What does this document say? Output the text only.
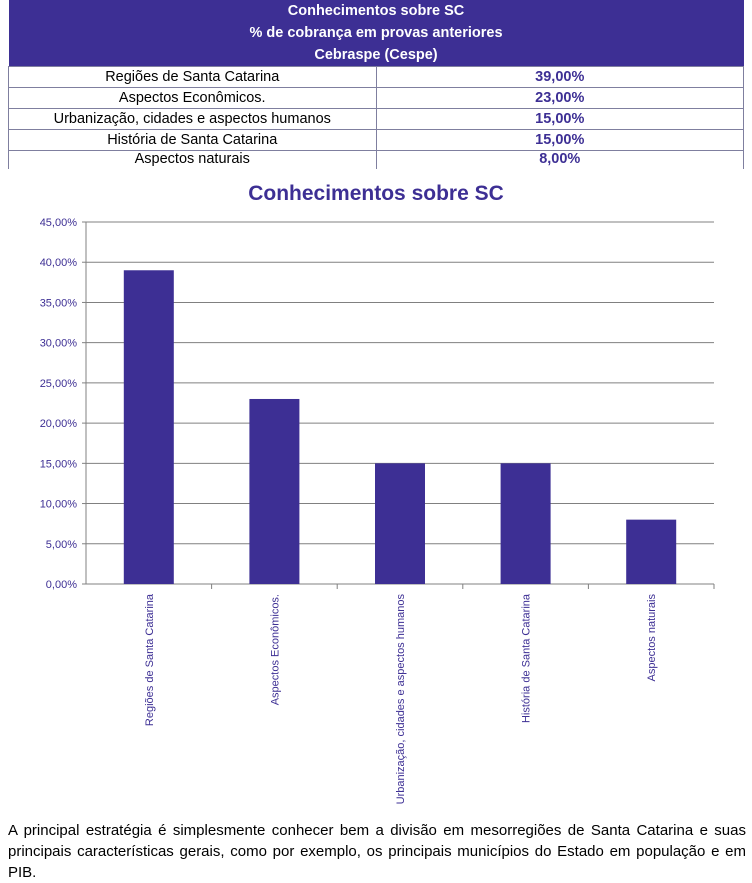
Conhecimentos sobre SC
% de cobrança em provas anteriores
Cebraspe (Cespe)	

Regiões de Santa Catarina	39,00%
Aspectos Econômicos.	23,00%
Urbanização, cidades e aspectos humanos	15,00%
História de Santa Catarina	15,00%
Aspectos naturais	8,00%
Conhecimentos sobre SC
0,00%
5,00%
10,00%
15,00%
20,00%
25,00%
30,00%
35,00%
40,00%
45,00%
Regiões de Santa Catarina	Aspectos Econômicos.	Urbanização, cidades e aspectos humanos	História de Santa Catarina	Aspectos naturais
A principal estratégia é simplesmente conhecer bem a divisão em mesorregiões de Santa Catarina e suas principais características gerais, como por exemplo, os principais municípios do Estado em população e em PIB.
